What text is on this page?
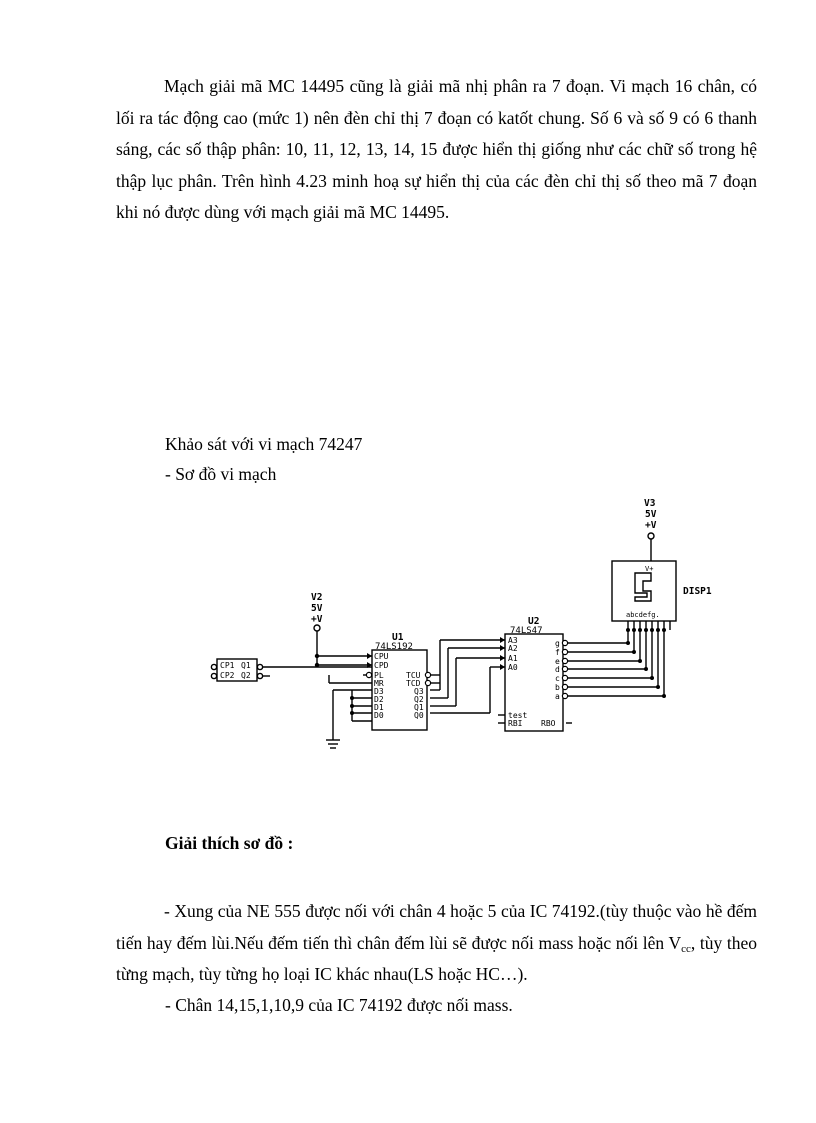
Mạch giải mã MC 14495 cũng là giải mã nhị phân ra 7 đoạn. Vi mạch 16 chân, có lối ra tác động cao (mức 1) nên đèn chỉ thị 7 đoạn có katốt chung. Số 6 và số 9 có 6 thanh sáng, các số thập phân: 10, 11, 12, 13, 14, 15 được hiển thị giống như các chữ số trong hệ thập lục phân. Trên hình 4.23 minh hoạ sự hiển thị của các đèn chỉ thị số theo mã 7 đoạn khi nó được dùng với mạch giải mã MC 14495.

Khảo sát với vi mạch 74247

- Sơ đồ vi mạch

V3
5V
+V
DISP1
V2
5V
+V
U1
U2
V+
abcdefg.
CP1
CP2
Q1
Q2
74LS192
CPU
CPD
PL
MR
D3
D2
D1
D0
TCU
TCD
Q3
Q2
Q1
Q0
74LS47
A3
A2
A1
A0
test
RBI
g
f
e
d
c
b
a
RBO

Giải thích sơ đồ :

- Xung của NE 555 được nối với chân 4 hoặc 5 của IC 74192.(tùy thuộc vào hề đếm tiến hay đếm lùi.Nếu đếm tiến thì chân đếm lùi sẽ được nối mass hoặc nối lên $V_{cc}$, tùy theo từng mạch, tùy từng họ loại IC khác nhau(LS hoặc HC…).

- Chân 14,15,1,10,9 của IC 74192 được nối mass.
